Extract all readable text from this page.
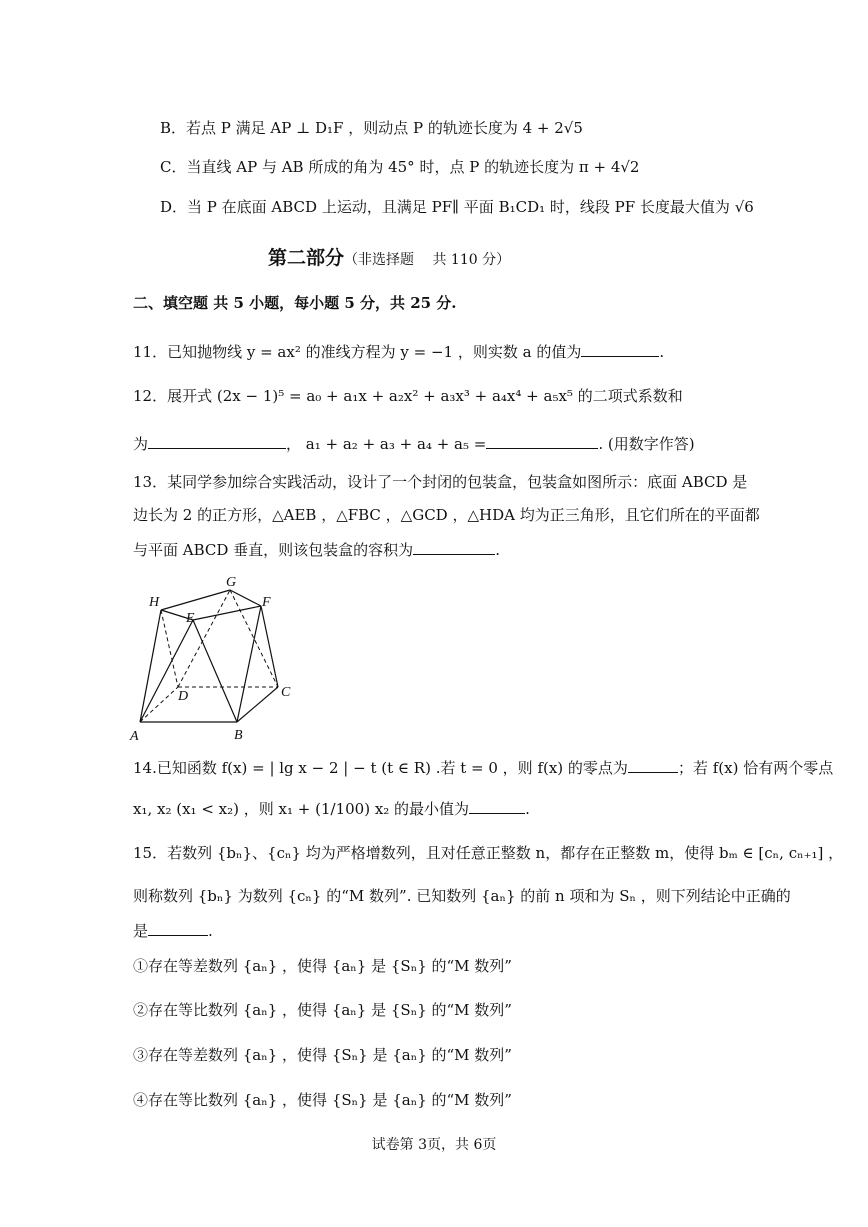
B．若点 P 满足 AP ⊥ D₁F ，则动点 P 的轨迹长度为 4 + 2√5
C．当直线 AP 与 AB 所成的角为 45° 时，点 P 的轨迹长度为 π + 4√2
D．当 P 在底面 ABCD 上运动，且满足 PF∥ 平面 B₁CD₁ 时，线段 PF 长度最大值为 √6
第二部分（非选择题　 共 110 分）
二、填空题 共 5 小题，每小题 5 分，共 25 分.
11．已知抛物线 y = ax² 的准线方程为 y = −1 ，则实数 a 的值为	.
12．展开式 (2x − 1)⁵ = a₀ + a₁x + a₂x² + a₃x³ + a₄x⁴ + a₅x⁵ 的二项式系数和
为	， a₁ + a₂ + a₃ + a₄ + a₅ =	. (用数字作答)
13．某同学参加综合实践活动，设计了一个封闭的包装盒，包装盒如图所示：底面 ABCD 是
边长为 2 的正方形，△AEB ，△FBC ，△GCD ，△HDA 均为正三角形，且它们所在的平面都
与平面 ABCD 垂直，则该包装盒的容积为	.
A	B
C
D
E
F
G
H
14.已知函数 f(x) = | lg x − 2 | − t (t ∈ R) .若 t = 0 ，则 f(x) 的零点为	；若 f(x) 恰有两个零点
x₁, x₂ (x₁ < x₂) ，则 x₁ + (1/100) x₂ 的最小值为	.
15．若数列 {bₙ}、{cₙ} 均为严格增数列，且对任意正整数 n，都存在正整数 m，使得 bₘ ∈ [cₙ, cₙ₊₁] ，
则称数列 {bₙ} 为数列 {cₙ} 的“M 数列”. 已知数列 {aₙ} 的前 n 项和为 Sₙ ，则下列结论中正确的
是	.
①存在等差数列 {aₙ} ，使得 {aₙ} 是 {Sₙ} 的“M 数列”
②存在等比数列 {aₙ} ，使得 {aₙ} 是 {Sₙ} 的“M 数列”
③存在等差数列 {aₙ} ，使得 {Sₙ} 是 {aₙ} 的“M 数列”
④存在等比数列 {aₙ} ，使得 {Sₙ} 是 {aₙ} 的“M 数列”
试卷第 3页，共 6页
